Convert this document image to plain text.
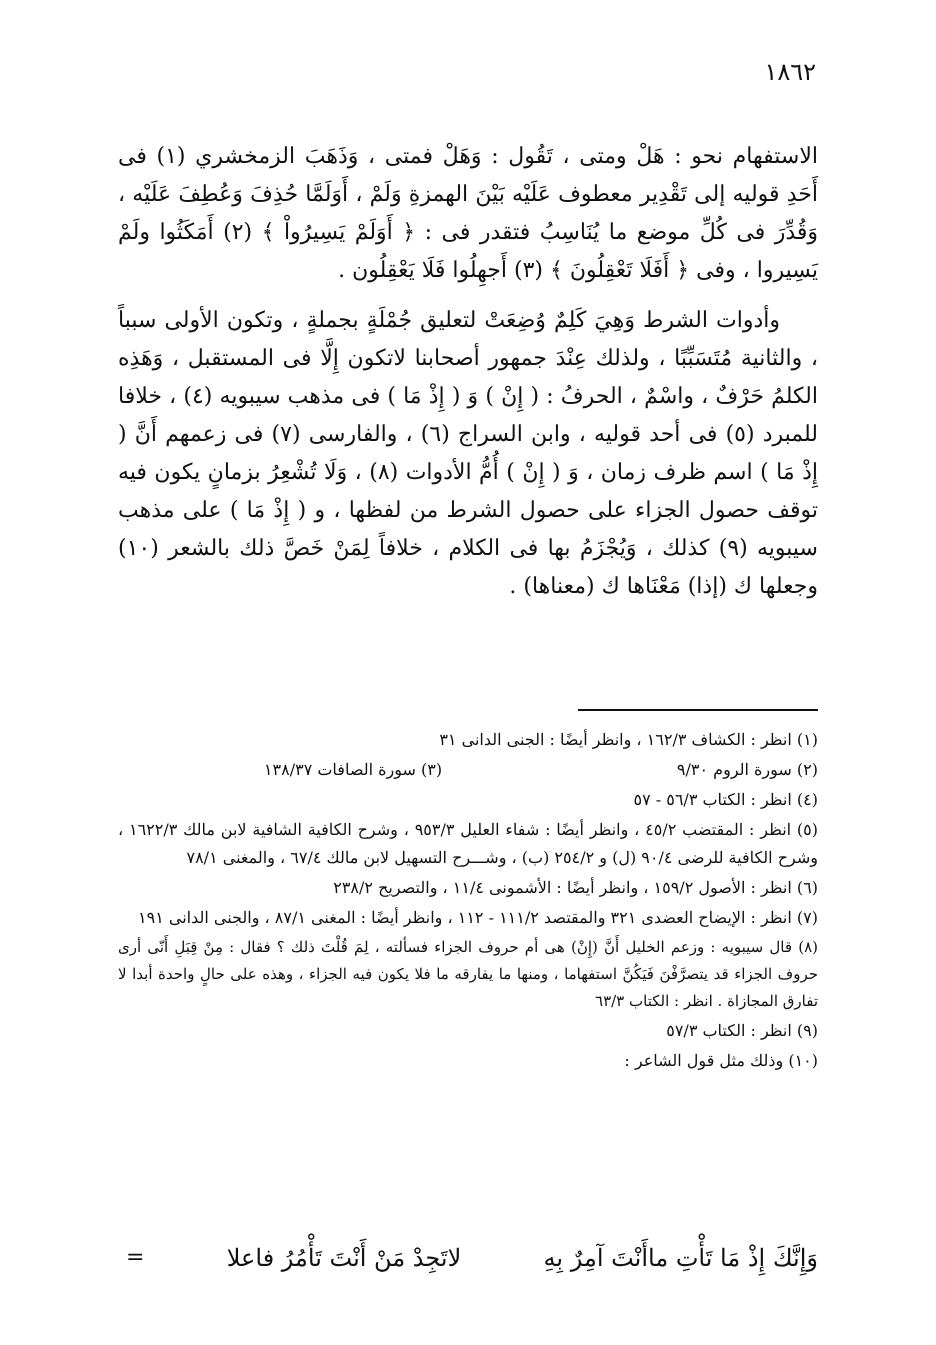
١٨٦٢

الاستفهام نحو : هَلْ ومتى ، تَقُول : وَهَلْ فمتى ، وَذَهَبَ الزمخشري (١) فى أَحَدِ قوليه إلى تَقْدِير معطوف عَلَيْه بَيْنَ الهمزةِ وَلَمْ ، أَوَلَمَّا حُذِفَ وَعُطِفَ عَلَيْه ، وَقُدِّرَ فى كُلِّ موضع ما يُنَاسِبُ فتقدر فى : ﴿ أَوَلَمْ يَسِيرُواْ ﴾ (٢) أَمَكَثُوا ولَمْ يَسِيروا ، وفى ﴿ أَفَلَا تَعْقِلُونَ ﴾ (٣) أَجهِلُوا فَلَا يَعْقِلُون .

وأدوات الشرط وَهِيَ كَلِمٌ وُضِعَتْ لتعليق جُمْلَةٍ بجملةٍ ، وتكون الأولى سبباً ، والثانية مُتَسَبِّبًا ، ولذلك عِنْدَ جمهور أصحابنا لاتكون إِلَّا فى المستقبل ، وَهَذِه الكلمُ حَرْفٌ ، واسْمٌ ، الحرفُ : ( إِنْ ) وَ ( إِذْ مَا ) فى مذهب سيبويه (٤) ، خلافا للمبرد (٥) فى أحد قوليه ، وابن السراج (٦) ، والفارسى (٧) فى زعمهم أَنَّ ( إِذْ مَا ) اسم ظرف زمان ، وَ ( إِنْ ) أُمُّ الأدوات (٨) ، وَلَا تُشْعِرُ بزمانٍ يكون فيه توقف حصول الجزاء على حصول الشرط من لفظها ، و ( إِذْ مَا ) على مذهب سيبويه (٩) كذلك ، وَيُجْزَمُ بها فى الكلام ، خلافاً لِمَنْ خَصَّ ذلك بالشعر (١٠) وجعلها ك (إذا) مَعْنَاها ك (معناها) .

(١) انظر : الكشاف ١٦٢/٣ ، وانظر أيضًا : الجنى الدانى ٣١
(٢) سورة الروم ٩/٣٠
(٣) سورة الصافات ١٣٨/٣٧
(٤) انظر : الكتاب ٥٦/٣ - ٥٧
(٥) انظر : المقتضب ٤٥/٢ ، وانظر أيضًا : شفاء العليل ٩٥٣/٣ ، وشرح الكافية الشافية لابن مالك ١٦٢٢/٣ ، وشرح الكافية للرضى ٩٠/٤ (ل) و ٢٥٤/٢ (ب) ، وشـــرح التسهيل لابن مالك ٦٧/٤ ، والمغنى ٧٨/١
(٦) انظر : الأصول ١٥٩/٢ ، وانظر أيضًا : الأشمونى ١١/٤ ، والتصريح ٢٣٨/٢
(٧) انظر : الإيضاح العضدى ٣٢١ والمقتصد ١١١/٢ - ١١٢ ، وانظر أيضًا : المغنى ٨٧/١ ، والجنى الدانى ١٩١
(٨) قال سيبويه : وزعم الخليل أَنَّ (إِنْ) هى أم حروف الجزاء فسألته ، لِمَ قُلْتَ ذلك ؟ فقال : مِنْ قِبَلِ أَنّى أرى حروف الجزاء قد يتصرَّفْنَ فَيَكُنَّ استفهاما ، ومنها ما يفارقه ما فلا يكون فيه الجزاء ، وهذه على حالٍ واحدة أبدا لا تفارق المجازاة . انظر : الكتاب ٦٣/٣
(٩) انظر : الكتاب ٥٧/٣
(١٠) وذلك مثل قول الشاعر :
وَإِنَّكَ إِذْ مَا تَأْتِ ماأَنْتَ آمِرٌ بِهِ
لاتَجِدْ مَنْ أَنْتَ تَأْمُرُ فاعلا
=
